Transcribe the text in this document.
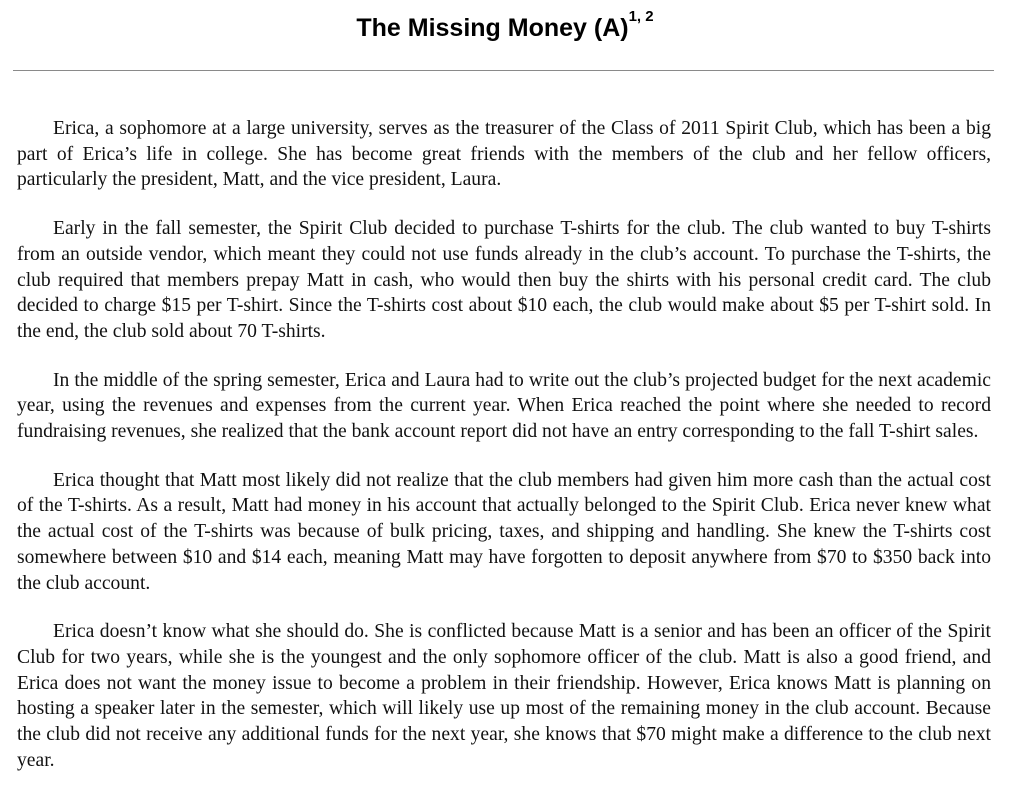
The Missing Money $(A)^{1, 2}$

Erica, a sophomore at a large university, serves as the treasurer of the Class of 2011 Spirit Club, which has been a big part of Erica’s life in college. She has become great friends with the members of the club and her fellow officers, particularly the president, Matt, and the vice president, Laura.

Early in the fall semester, the Spirit Club decided to purchase T-shirts for the club. The club wanted to buy T-shirts from an outside vendor, which meant they could not use funds already in the club’s account. To purchase the T-shirts, the club required that members prepay Matt in cash, who would then buy the shirts with his personal credit card. The club decided to charge $15 per T-shirt. Since the T-shirts cost about $10 each, the club would make about $5 per T-shirt sold. In the end, the club sold about 70 T-shirts.

In the middle of the spring semester, Erica and Laura had to write out the club’s projected budget for the next academic year, using the revenues and expenses from the current year. When Erica reached the point where she needed to record fundraising revenues, she realized that the bank account report did not have an entry corresponding to the fall T-shirt sales.

Erica thought that Matt most likely did not realize that the club members had given him more cash than the actual cost of the T-shirts. As a result, Matt had money in his account that actually belonged to the Spirit Club. Erica never knew what the actual cost of the T-shirts was because of bulk pricing, taxes, and shipping and handling. She knew the T-shirts cost somewhere between $10 and $14 each, meaning Matt may have forgotten to deposit anywhere from $70 to $350 back into the club account.

Erica doesn’t know what she should do. She is conflicted because Matt is a senior and has been an officer of the Spirit Club for two years, while she is the youngest and the only sophomore officer of the club. Matt is also a good friend, and Erica does not want the money issue to become a problem in their friendship. However, Erica knows Matt is planning on hosting a speaker later in the semester, which will likely use up most of the remaining money in the club account. Because the club did not receive any additional funds for the next year, she knows that $70 might make a difference to the club next year.
